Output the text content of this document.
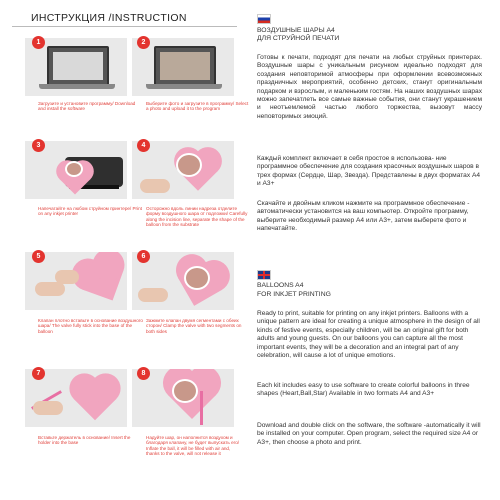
ИНСТРУКЦИЯ /INSTRUCTION
1
Загрузите и установите программу/ Download and install the software
2
Выберите фото и загрузите в программу/ Select a photo and upload it to the program
3
Напечатайте на любом струйном принтере/ Print on any inkjet printer
4
Осторожно вдоль линии надреза отделите форму воздушного шара от подложки/ Carefully along the incision line, separate the shape of the balloon from the substrate
5
Клапан плотно вставьте в основание воздушного шара/ The valve fully stick into the base of the balloon
6
Зажмите клапан двумя сегментами с обеих сторон/ Clamp the valve with two segments on both sides
7
Вставьте держатель в основание/ Insert the holder into the base
8
Надуйте шар, он наполнится воздухом и благодаря клапану, не будет выпускать его/ Inflate the ball, it will be filled with air and, thanks to the valve, will not release it
ВОЗДУШНЫЕ ШАРЫ А4
ДЛЯ СТРУЙНОЙ ПЕЧАТИ
Готовы к печати, подходят для печати на любых струйных принтерах. Воздушные шары с уникальным рисунком идеально подходят для создания неповторимой атмосферы при оформлении всевозможных праздничных мероприятий, особенно детских, станут оригинальным подарком и взрослым, и маленьким гостям. На наших воздушных шарах можно запечатлеть все самые важные события, они станут украшением и неотъемлемой частью любого торжества, вызовут массу неповторимых эмоций.
Каждый комплект включает в себя простое в использова- ние программное обеспечение для создания красочных воздушных шаров в трех формах (Сердце, Шар, Звезда). Представлены в двух форматах А4 и А3+
Скачайте и двойным кликом нажмите на программное обеспечение - автоматически установится на ваш компьютер. Откройте программу, выберите необходимый размер А4 или А3+, затем выберете фото и напечатайте.
BALLOONS A4
FOR INKJET PRINTING
Ready to print, suitable for printing on any inkjet printers. Balloons with a unique pattern are ideal for creating a unique atmosphere in the design of all kinds of festive events, especially children, will be an original gift for both adults and young guests. On our balloons you can capture all the most important events, they will be a decoration and an integral part of any celebration, will cause a lot of unique emotions.
Each kit includes easy to use software to create colorful balloons in three shapes (Heart,Ball,Star) Available in two formats A4 and A3+
Download and double click on the software, the software -automatically it will be installed on your computer. Open program, select the required size A4 or A3+, then choose a photo and print.
